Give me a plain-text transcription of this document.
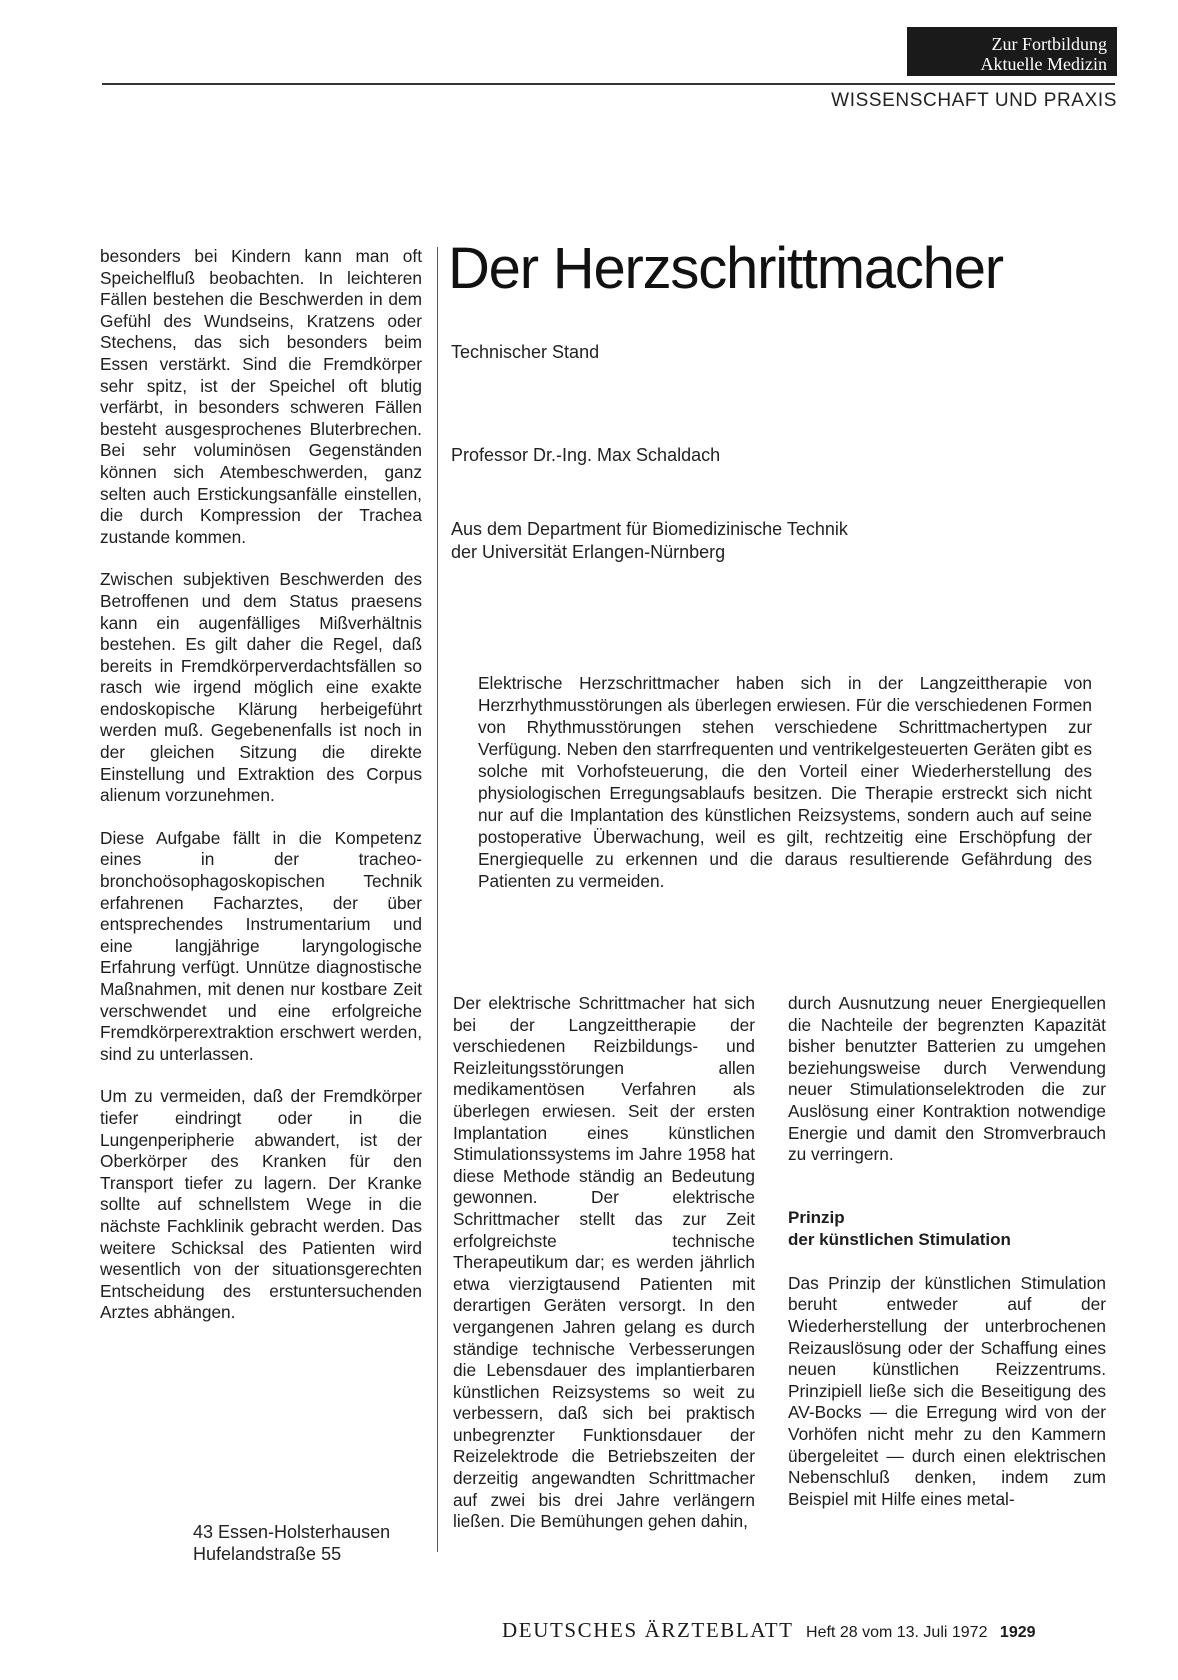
Zur Fortbildung
Aktuelle Medizin
WISSENSCHAFT UND PRAXIS

besonders bei Kindern kann man oft Speichelfluß beobachten. In leichteren Fällen bestehen die Beschwerden in dem Gefühl des Wundseins, Kratzens oder Stechens, das sich besonders beim Essen verstärkt. Sind die Fremdkörper sehr spitz, ist der Speichel oft blutig verfärbt, in besonders schweren Fällen besteht ausgesprochenes Bluterbrechen. Bei sehr voluminösen Gegenständen können sich Atembeschwerden, ganz selten auch Erstickungsanfälle einstellen, die durch Kompression der Trachea zustande kommen.

Zwischen subjektiven Beschwerden des Betroffenen und dem Status praesens kann ein augenfälliges Mißverhältnis bestehen. Es gilt daher die Regel, daß bereits in Fremdkörperverdachtsfällen so rasch wie irgend möglich eine exakte endoskopische Klärung herbeigeführt werden muß. Gegebenenfalls ist noch in der gleichen Sitzung die direkte Einstellung und Extraktion des Corpus alienum vorzunehmen.

Diese Aufgabe fällt in die Kompetenz eines in der tracheo-bronchoösophagoskopischen Technik erfahrenen Facharztes, der über entsprechendes Instrumentarium und eine langjährige laryngologische Erfahrung verfügt. Unnütze diagnostische Maßnahmen, mit denen nur kostbare Zeit verschwendet und eine erfolgreiche Fremdkörperextraktion erschwert werden, sind zu unterlassen.

Um zu vermeiden, daß der Fremdkörper tiefer eindringt oder in die Lungenperipherie abwandert, ist der Oberkörper des Kranken für den Transport tiefer zu lagern. Der Kranke sollte auf schnellstem Wege in die nächste Fachklinik gebracht werden. Das weitere Schicksal des Patienten wird wesentlich von der situationsgerechten Entscheidung des erstuntersuchenden Arztes abhängen.

43 Essen-Holsterhausen
Hufelandstraße 55
Der Herzschrittmacher
Technischer Stand
Professor Dr.-Ing. Max Schaldach
Aus dem Department für Biomedizinische Technik
der Universität Erlangen-Nürnberg

Elektrische Herzschrittmacher haben sich in der Langzeittherapie von Herzrhythmusstörungen als überlegen erwiesen. Für die verschiedenen Formen von Rhythmusstörungen stehen verschiedene Schrittmachertypen zur Verfügung. Neben den starrfrequenten und ventrikelgesteuerten Geräten gibt es solche mit Vorhofsteuerung, die den Vorteil einer Wiederherstellung des physiologischen Erregungsablaufs besitzen. Die Therapie erstreckt sich nicht nur auf die Implantation des künstlichen Reizsystems, sondern auch auf seine postoperative Überwachung, weil es gilt, rechtzeitig eine Erschöpfung der Energiequelle zu erkennen und die daraus resultierende Gefährdung des Patienten zu vermeiden.

Der elektrische Schrittmacher hat sich bei der Langzeittherapie der verschiedenen Reizbildungs- und Reizleitungsstörungen allen medikamentösen Verfahren als überlegen erwiesen. Seit der ersten Implantation eines künstlichen Stimulationssystems im Jahre 1958 hat diese Methode ständig an Bedeutung gewonnen. Der elektrische Schrittmacher stellt das zur Zeit erfolgreichste technische Therapeutikum dar; es werden jährlich etwa vierzigtausend Patienten mit derartigen Geräten versorgt. In den vergangenen Jahren gelang es durch ständige technische Verbesserungen die Lebensdauer des implantierbaren künstlichen Reizsystems so weit zu verbessern, daß sich bei praktisch unbegrenzter Funktionsdauer der Reizelektrode die Betriebszeiten der derzeitig angewandten Schrittmacher auf zwei bis drei Jahre verlängern ließen. Die Bemühungen gehen dahin,

durch Ausnutzung neuer Energiequellen die Nachteile der begrenzten Kapazität bisher benutzter Batterien zu umgehen beziehungsweise durch Verwendung neuer Stimulationselektroden die zur Auslösung einer Kontraktion notwendige Energie und damit den Stromverbrauch zu verringern.

Prinzip
der künstlichen Stimulation

Das Prinzip der künstlichen Stimulation beruht entweder auf der Wiederherstellung der unterbrochenen Reizauslösung oder der Schaffung eines neuen künstlichen Reizzentrums. Prinzipiell ließe sich die Beseitigung des AV-Bocks — die Erregung wird von der Vorhöfen nicht mehr zu den Kammern übergeleitet — durch einen elektrischen Nebenschluß denken, indem zum Beispiel mit Hilfe eines metal-

DEUTSCHES ÄRZTEBLATT Heft 28 vom 13. Juli 1972 1929
